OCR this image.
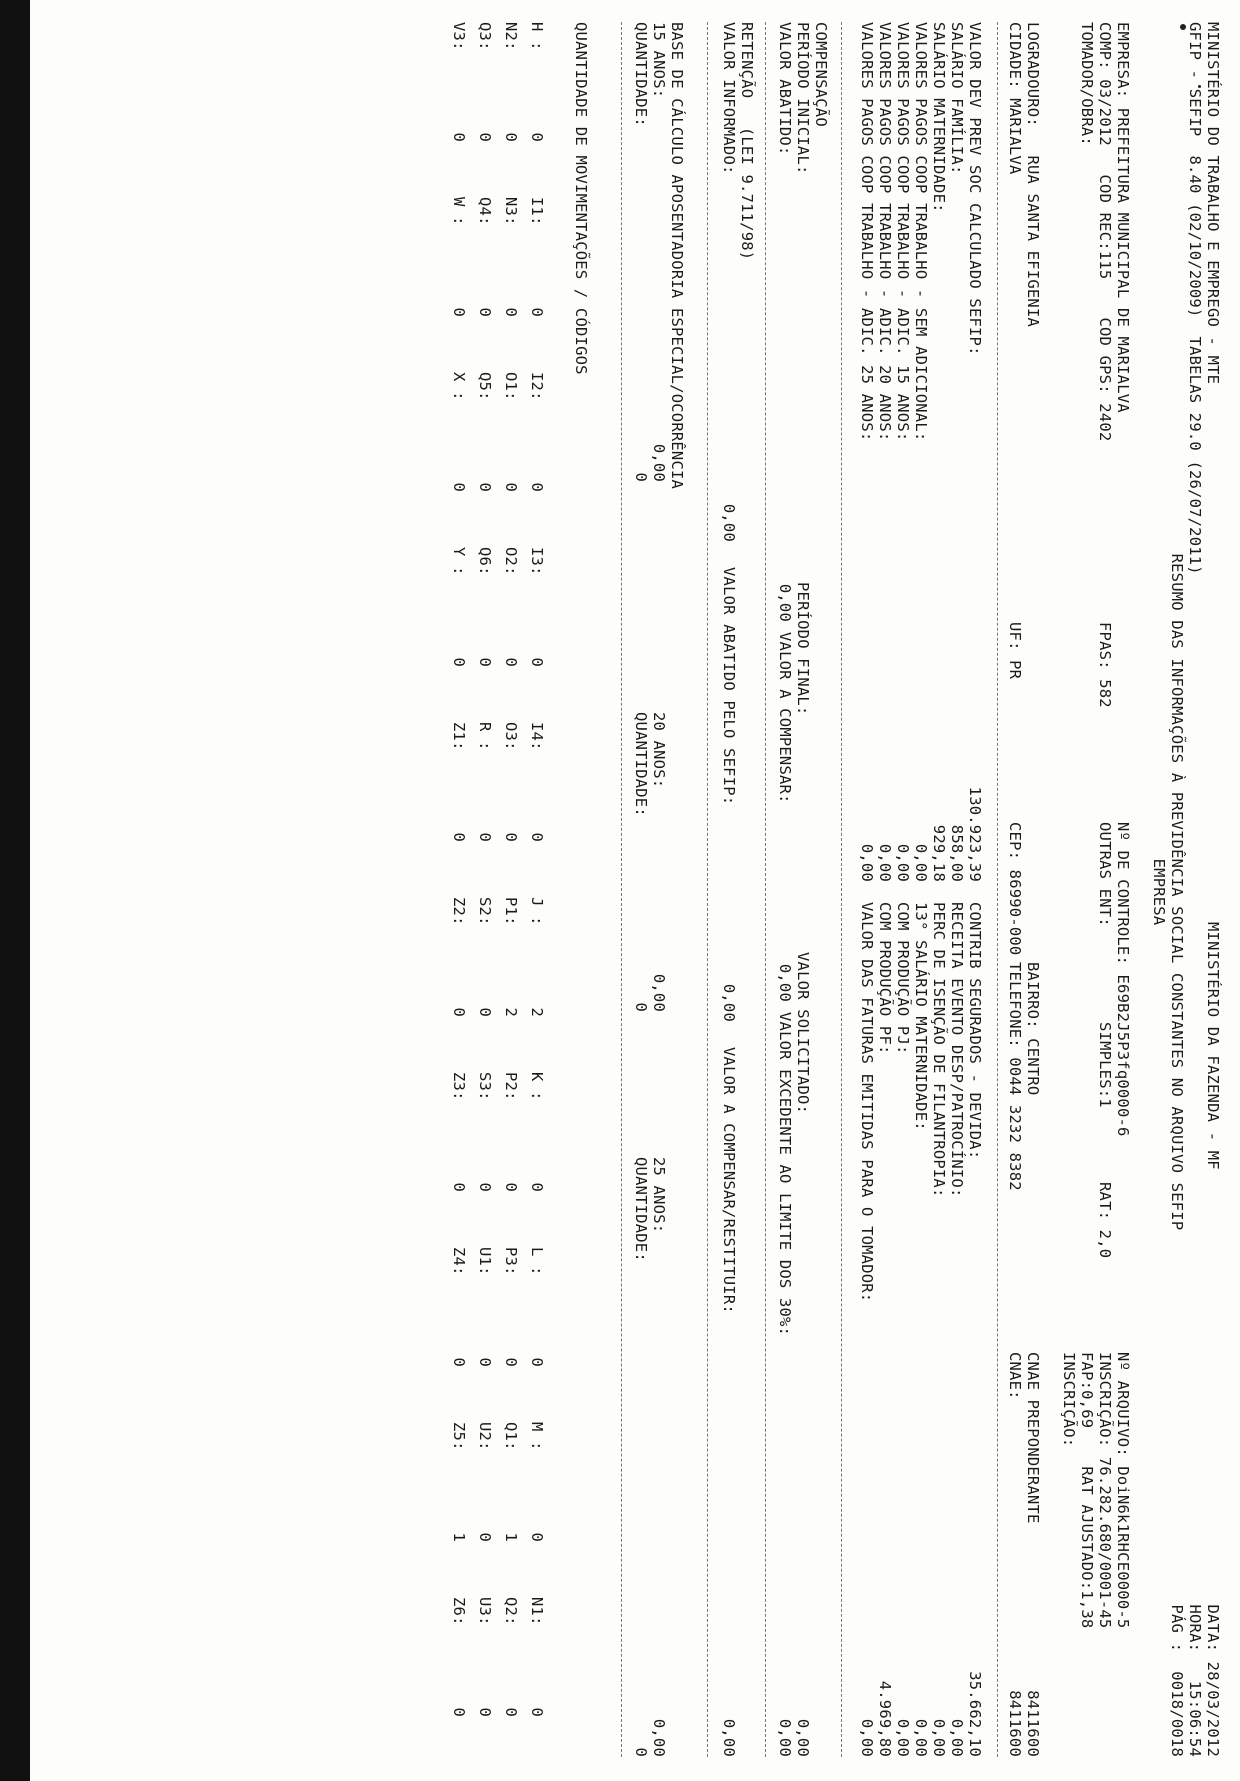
MINISTÉRIO DO TRABALHO E EMPREGO - MTE
MINISTÉRIO DA FAZENDA - MF
DATA: 28/03/2012
GFIP - SEFIP  8.40 (02/10/2009)  TABELAS 29.0 (26/07/2011)
HORA:   15:06:54
RESUMO DAS INFORMAÇÕES À PREVIDÊNCIA SOCIAL CONSTANTES NO ARQUIVO SEFIP
PÁG :  0018/0018
EMPRESA
EMPRESA: PREFEITURA MUNICIPAL DE MARIALVA
Nº DE CONTROLE: E69B2J5P3fq0000-6
Nº ARQUIVO: DoiN6k1RHCE0000-5
COMP: 03/2012   COD REC:115    COD GPS: 2402
FPAS: 582
OUTRAS ENT:
SIMPLES:1
RAT: 2,0
INSCRIÇÃO: 76.282.680/0001-45
TOMADOR/OBRA:
FAP:0,69    RAT AJUSTADO:1,38
INSCRIÇÃO:
LOGRADOURO:   RUA SANTA EFIGENIA
BAIRRO: CENTRO
CNAE PREPONDERANTE
8411600
CIDADE: MARIALVA
UF: PR
CEP: 86990-000
TELEFONE: 0044 3232 8382
CNAE:
8411600
VALOR DEV PREV SOC CALCULADO SEFIP:
130.923,39
CONTRIB SEGURADOS - DEVIDA:
35.662,10
SALÁRIO FAMÍLIA:
858,00
RECEITA EVENTO DESP/PATROCÍNIO:
0,00
SALÁRIO MATERNIDADE:
929,18
PERC DE ISENÇÃO DE FILANTROPIA:
0,00
VALORES PAGOS COOP TRABALHO - SEM ADICIONAL:
0,00
13° SALÁRIO MATERNIDADE:
0,00
VALORES PAGOS COOP TRABALHO - ADIC. 15 ANOS:
0,00
COM PRODUÇÃO PJ:
0,00
VALORES PAGOS COOP TRABALHO - ADIC. 20 ANOS:
0,00
COM PRODUÇÃO PF:
4.969,80
VALORES PAGOS COOP TRABALHO - ADIC. 25 ANOS:
0,00
VALOR DAS FATURAS EMITIDAS PARA O TOMADOR:
0,00
COMPENSAÇÃO
PERÍODO INICIAL:
PERÍODO FINAL:
VALOR SOLICITADO:
0,00
VALOR ABATIDO:
0,00
VALOR A COMPENSAR:
0,00
VALOR EXCEDENTE AO LIMITE DOS 30%:
0,00
RETENÇÃO   (LEI 9.711/98)
VALOR INFORMADO:
0,00
VALOR ABATIDO PELO SEFIP:
0,00
VALOR A COMPENSAR/RESTITUIR:
0,00
BASE DE CÁLCULO APOSENTADORIA ESPECIAL/OCORRÊNCIA
15 ANOS:
0,00
20 ANOS:
0,00
25 ANOS:
0,00
QUANTIDADE:
0
QUANTIDADE:
0
QUANTIDADE:
0
QUANTIDADE DE MOVIMENTAÇÕES / CÓDIGOS
H :
0
I1:
0
I2:
0
I3:
0
I4:
0
J :
2
K :
0
L :
0
M :
0
N1:
0
N2:
0
N3:
0
O1:
0
O2:
0
O3:
0
P1:
2
P2:
0
P3:
0
Q1:
1
Q2:
0
Q3:
0
Q4:
0
Q5:
0
Q6:
0
R :
0
S2:
0
S3:
0
U1:
0
U2:
0
U3:
0
V3:
0
W :
0
X :
0
Y :
0
Z1:
0
Z2:
0
Z3:
0
Z4:
0
Z5:
1
Z6:
0
